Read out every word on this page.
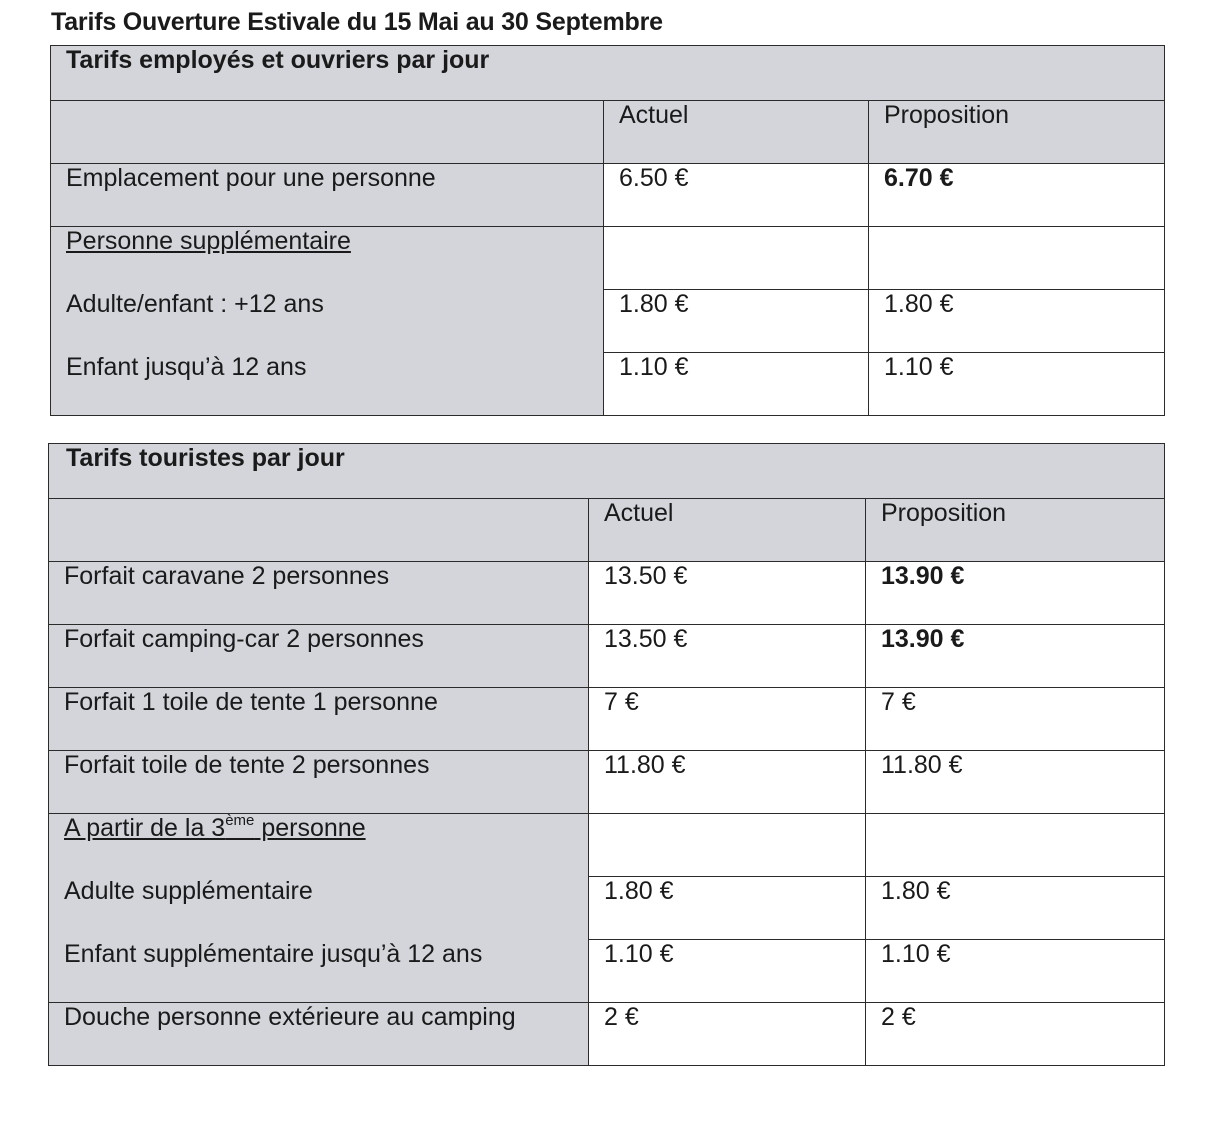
Tarifs Ouverture Estivale du 15 Mai au 30 Septembre
Tarifs employés et ouvriers par jour		
	Actuel	Proposition
Emplacement pour une personne	6.50 €	6.70 €
Personne supplémentaire		
Adulte/enfant : +12 ans	1.80 €	1.80 €
Enfant jusqu’à 12 ans	1.10 €	1.10 €
Tarifs touristes par jour		
	Actuel	Proposition
Forfait caravane 2 personnes	13.50 €	13.90 €
Forfait camping-car 2 personnes	13.50 €	13.90 €
Forfait 1 toile de tente 1 personne	7 €	7 €
Forfait toile de tente 2 personnes	11.80 €	11.80 €
A partir de la 3ème personne		
Adulte supplémentaire	1.80 €	1.80 €
Enfant supplémentaire jusqu’à 12 ans	1.10 €	1.10 €
Douche personne extérieure au camping	2 €	2 €
